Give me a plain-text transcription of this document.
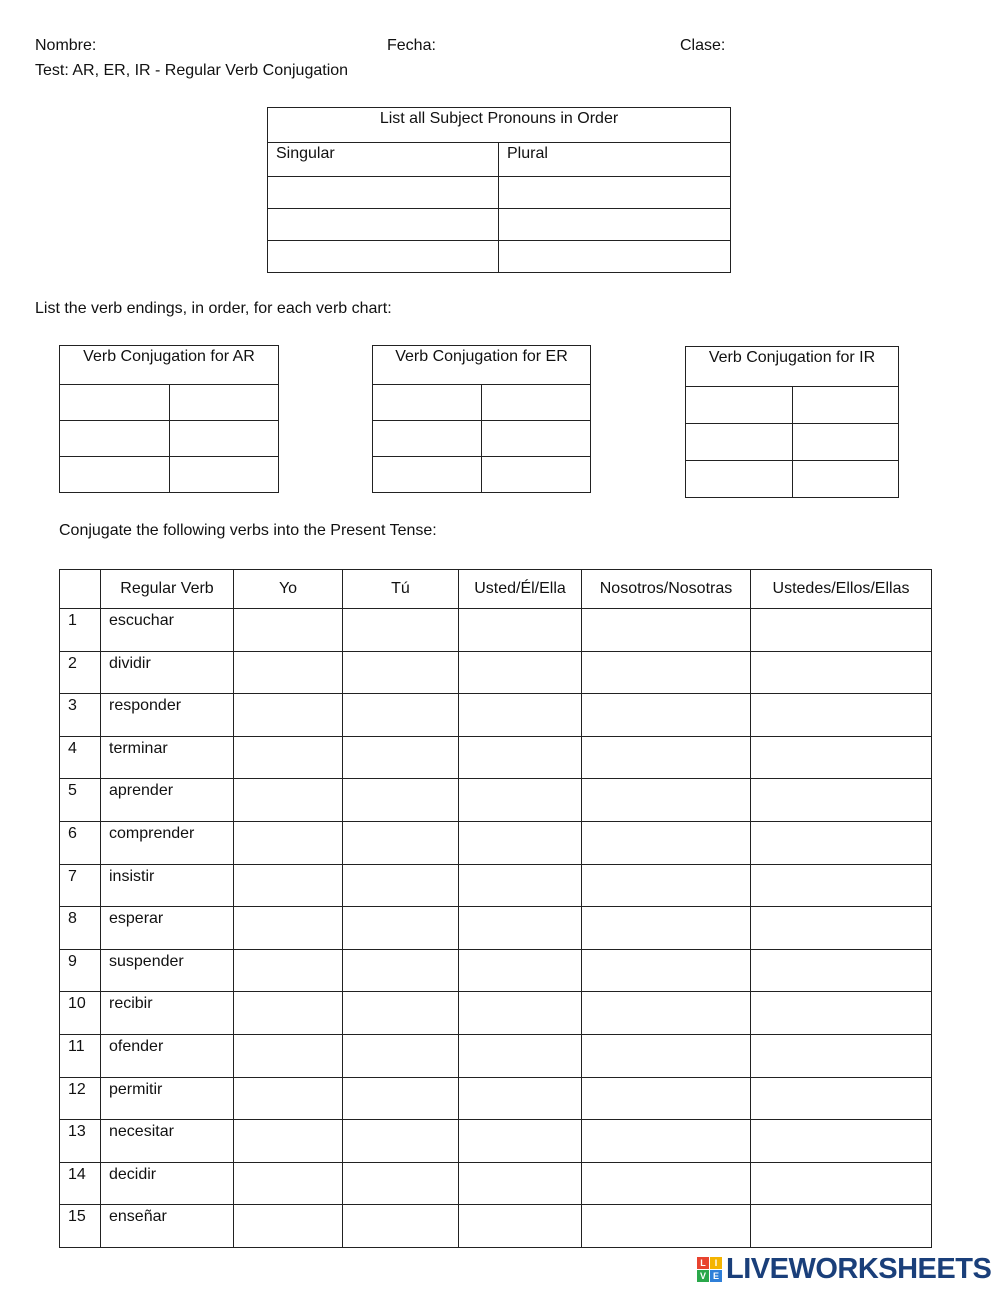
Nombre:	Fecha:	Clase:
Test: AR, ER, IR - Regular Verb Conjugation
List all Subject Pronouns in Order	
Singular	Plural

List the verb endings, in order, for each verb chart:
Verb Conjugation for AR	

		Verb Conjugation for ER	

		Verb Conjugation for IR	

Conjugate the following verbs into the Present Tense:
	Regular Verb	Yo	Tú	Usted/Él/Ella	Nosotros/Nosotras	Ustedes/Ellos/Ellas
1	escuchar					
2	dividir					
3	responder					
4	terminar					
5	aprender					
6	comprender					
7	insistir					
8	esperar					
9	suspender					
10	recibir					
11	ofender					
12	permitir					
13	necesitar					
14	decidir					
15	enseñar					
L I
V E LIVEWORKSHEETS
